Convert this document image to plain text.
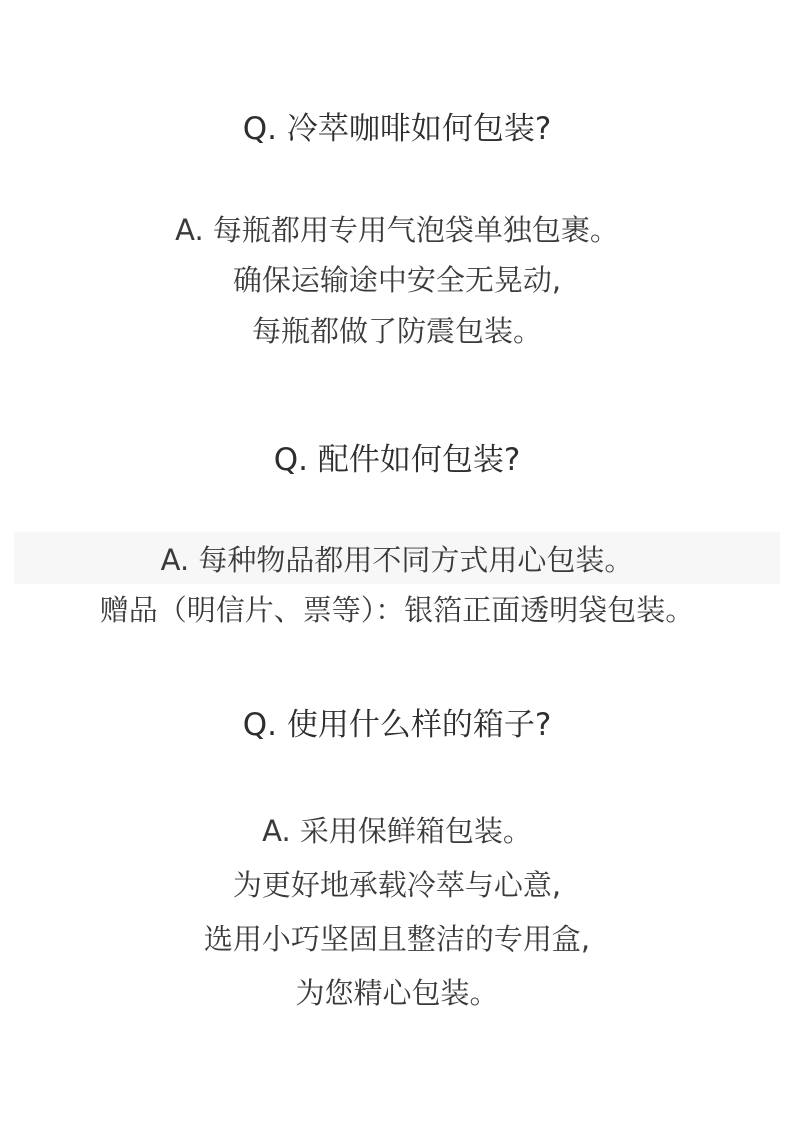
Q. 冷萃咖啡如何包装?
A. 每瓶都用专用气泡袋单独包裹。
确保运输途中安全无晃动,
每瓶都做了防震包装。
Q. 配件如何包装?
A. 每种物品都用不同方式用心包装。
赠品（明信片、票等）：银箔正面透明袋包装。
Q. 使用什么样的箱子?
A. 采用保鲜箱包装。
为更好地承载冷萃与心意,
选用小巧坚固且整洁的专用盒,
为您精心包装。
